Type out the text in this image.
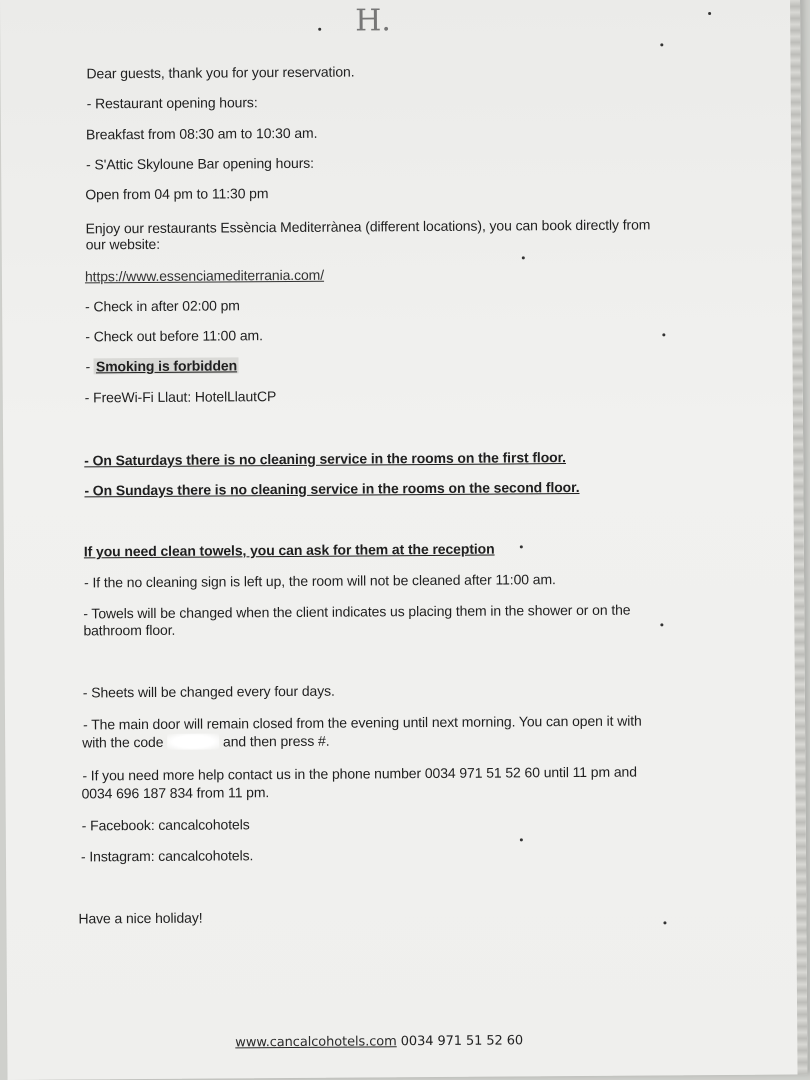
H.
Dear guests, thank you for your reservation.
- Restaurant opening hours:
Breakfast from 08:30 am to 10:30 am.
- S'Attic Skyloune Bar opening hours:
Open from 04 pm to 11:30 pm
Enjoy our restaurants Essència Mediterrànea (different locations), you can book directly from
our website:
https://www.essenciamediterrania.com/
- Check in after 02:00 pm
- Check out before 11:00 am.
- Smoking is forbidden
- FreeWi-Fi Llaut: HotelLlautCP
- On Saturdays there is no cleaning service in the rooms on the first floor.
- On Sundays there is no cleaning service in the rooms on the second floor.
If you need clean towels, you can ask for them at the reception
- If the no cleaning sign is left up, the room will not be cleaned after 11:00 am.
- Towels will be changed when the client indicates us placing them in the shower or on the
bathroom floor.
- Sheets will be changed every four days.
- The main door will remain closed from the evening until next morning. You can open it with
with the code	and then press #.
- If you need more help contact us in the phone number 0034 971 51 52 60 until 11 pm and
0034 696 187 834 from 11 pm.
- Facebook: cancalcohotels
- Instagram: cancalcohotels.
Have a nice holiday!
www.cancalcohotels.com 0034 971 51 52 60
